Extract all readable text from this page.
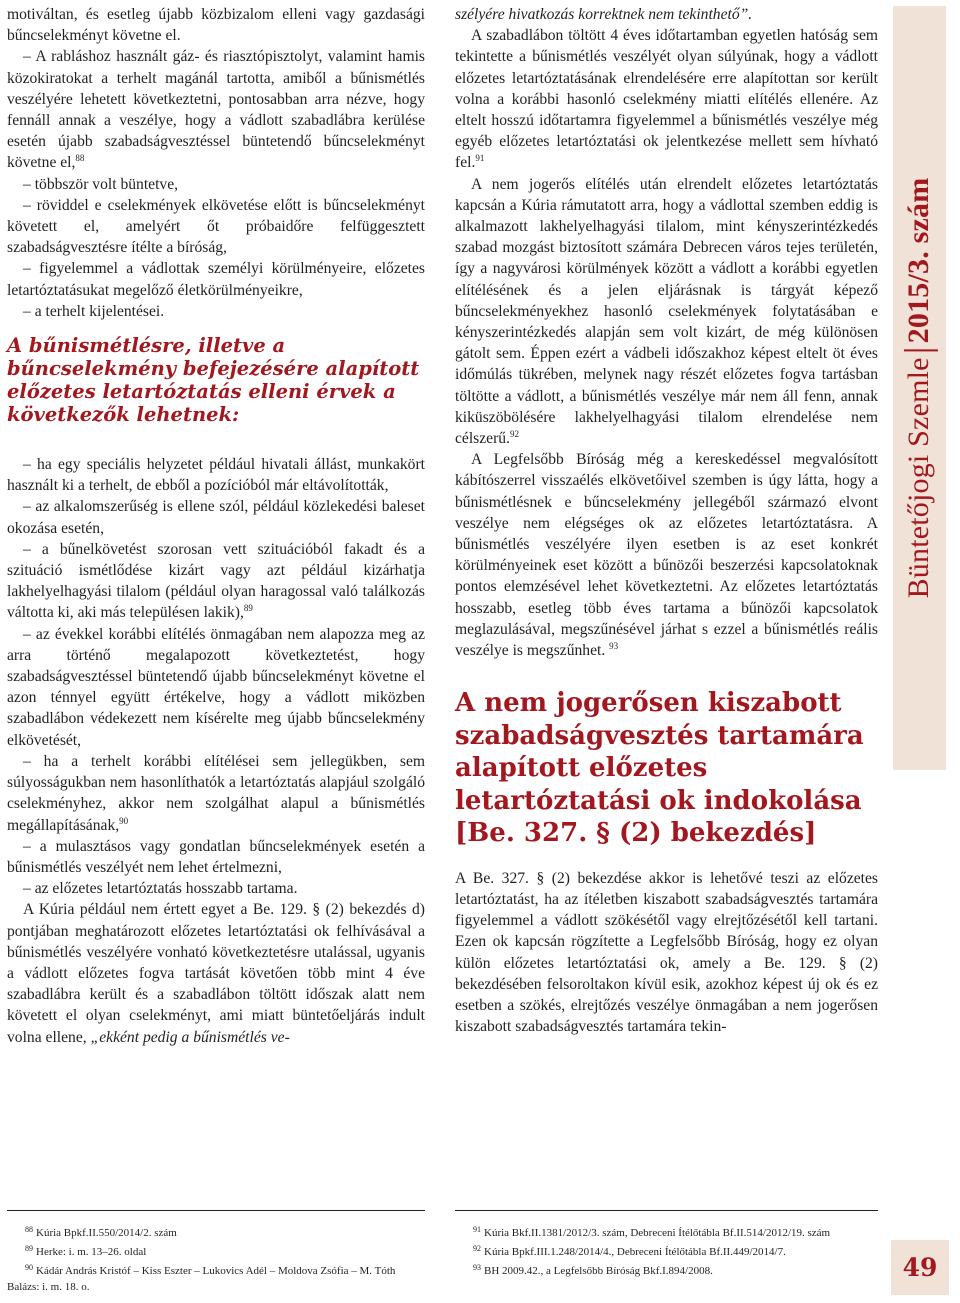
motiváltan, és esetleg újabb közbizalom elleni vagy gazdasági bűncselekményt követne el.

– A rabláshoz használt gáz- és riasztópisztolyt, valamint hamis közokiratokat a terhelt magánál tartotta, amiből a bűnismétlés veszélyére lehetett következtetni, pontosabban arra nézve, hogy fennáll annak a veszélye, hogy a vádlott szabadlábra kerülése esetén újabb szabadságvesztéssel büntetendő bűncselekményt követne el,$^{88}$

– többször volt büntetve,

– röviddel e cselekmények elkövetése előtt is bűncselekményt követett el, amelyért őt próbaidőre felfüggesztett szabadságvesztésre ítélte a bíróság,

– figyelemmel a vádlottak személyi körülményeire, előzetes letartóztatásukat megelőző életkörülményeikre,

– a terhelt kijelentései.

A bűnismétlésre, illetve a bűncselekmény befejezésére alapított előzetes letartóztatás elleni érvek a következők lehetnek:

– ha egy speciális helyzetet például hivatali állást, munkakört használt ki a terhelt, de ebből a pozícióból már eltávolították,

– az alkalomszerűség is ellene szól, például közlekedési baleset okozása esetén,

– a bűnelkövetést szorosan vett szituációból fakadt és a szituáció ismétlődése kizárt vagy azt például kizárhatja lakhelyelhagyási tilalom (például olyan haragossal való találkozás váltotta ki, aki más településen lakik),$^{89}$

– az évekkel korábbi elítélés önmagában nem alapozza meg az arra történő megalapozott következtetést, hogy szabadságvesztéssel büntetendő újabb bűncselekményt követne el azon ténnyel együtt értékelve, hogy a vádlott miközben szabadlábon védekezett nem kísérelte meg újabb bűncselekmény elkövetését,

– ha a terhelt korábbi elítélései sem jellegükben, sem súlyosságukban nem hasonlíthatók a letartóztatás alapjául szolgáló cselekményhez, akkor nem szolgálhat alapul a bűnismétlés megállapításának,$^{90}$

– a mulasztásos vagy gondatlan bűncselekmények esetén a bűnismétlés veszélyét nem lehet értelmezni,

– az előzetes letartóztatás hosszabb tartama.

A Kúria például nem értett egyet a Be. 129. § (2) bekezdés d) pontjában meghatározott előzetes letartóztatási ok felhívásával a bűnismétlés veszélyére vonható következtetésre utalással, ugyanis a vádlott előzetes fogva tartását követően több mint 4 éve szabadlábra került és a szabadlábon töltött időszak alatt nem követett el olyan cselekményt, ami miatt büntetőeljárás indult volna ellene, „ekként pedig a bűnismétlés ve-

szélyére hivatkozás korrektnek nem tekinthető”.

A szabadlábon töltött 4 éves időtartamban egyetlen hatóság sem tekintette a bűnismétlés veszélyét olyan súlyúnak, hogy a vádlott előzetes letartóztatásának elrendelésére erre alapítottan sor került volna a korábbi hasonló cselekmény miatti elítélés ellenére. Az eltelt hosszú időtartamra figyelemmel a bűnismétlés veszélye még egyéb előzetes letartóztatási ok jelentkezése mellett sem hívható fel.$^{91}$

A nem jogerős elítélés után elrendelt előzetes letartóztatás kapcsán a Kúria rámutatott arra, hogy a vádlottal szemben eddig is alkalmazott lakhelyelhagyási tilalom, mint kényszerintézkedés szabad mozgást biztosított számára Debrecen város tejes területén, így a nagyvárosi körülmények között a vádlott a korábbi egyetlen elítélésének és a jelen eljárásnak is tárgyát képező bűncselekményekhez hasonló cselekmények folytatásában e kényszerintézkedés alapján sem volt kizárt, de még különösen gátolt sem. Éppen ezért a vádbeli időszakhoz képest eltelt öt éves időmúlás tükrében, melynek nagy részét előzetes fogva tartásban töltötte a vádlott, a bűnismétlés veszélye már nem áll fenn, annak kiküszöbölésére lakhelyelhagyási tilalom elrendelése nem célszerű.$^{92}$

A Legfelsőbb Bíróság még a kereskedéssel megvalósított kábítószerrel visszaélés elkövetőivel szemben is úgy látta, hogy a bűnismétlésnek e bűncselekmény jellegéből származó elvont veszélye nem elégséges ok az előzetes letartóztatásra. A bűnismétlés veszélyére ilyen esetben is az eset konkrét körülményeinek eset között a bűnözői beszerzési kapcsolatoknak pontos elemzésével lehet következtetni. Az előzetes letartóztatás hosszabb, esetleg több éves tartama a bűnözői kapcsolatok meglazulásával, megszűnésével járhat s ezzel a bűnismétlés reális veszélye is megszűnhet. $^{93}$

A nem jogerősen kiszabott szabadságvesztés tartamára alapított előzetes letartóztatási ok indokolása [Be. 327. § (2) bekezdés]

A Be. 327. § (2) bekezdése akkor is lehetővé teszi az előzetes letartóztatást, ha az ítéletben kiszabott szabadságvesztés tartamára figyelemmel a vádlott szökésétől vagy elrejtőzésétől kell tartani. Ezen ok kapcsán rögzítette a Legfelsőbb Bíróság, hogy ez olyan külön előzetes letartóztatási ok, amely a Be. 129. § (2) bekezdésében felsoroltakon kívül esik, azokhoz képest új ok és ez esetben a szökés, elrejtőzés veszélye önmagában a nem jogerősen kiszabott szabadságvesztés tartamára tekin-

Büntetőjogi Szemle2015/3. szám
$^{88}$ Kúria Bpkf.II.550/2014/2. szám
$^{89}$ Herke: i. m. 13–26. oldal
$^{90}$ Kádár András Kristóf – Kiss Eszter – Lukovics Adél – Moldova Zsófia – M. Tóth Balázs: i. m. 18. o.
$^{91}$ Kúria Bkf.II.1381/2012/3. szám, Debreceni Ítélőtábla Bf.II.514/2012/19. szám
$^{92}$ Kúria Bpkf.III.1.248/2014/4., Debreceni Ítélőtábla Bf.II.449/2014/7.
$^{93}$ BH 2009.42., a Legfelsőbb Bíróság Bkf.I.894/2008.	49
